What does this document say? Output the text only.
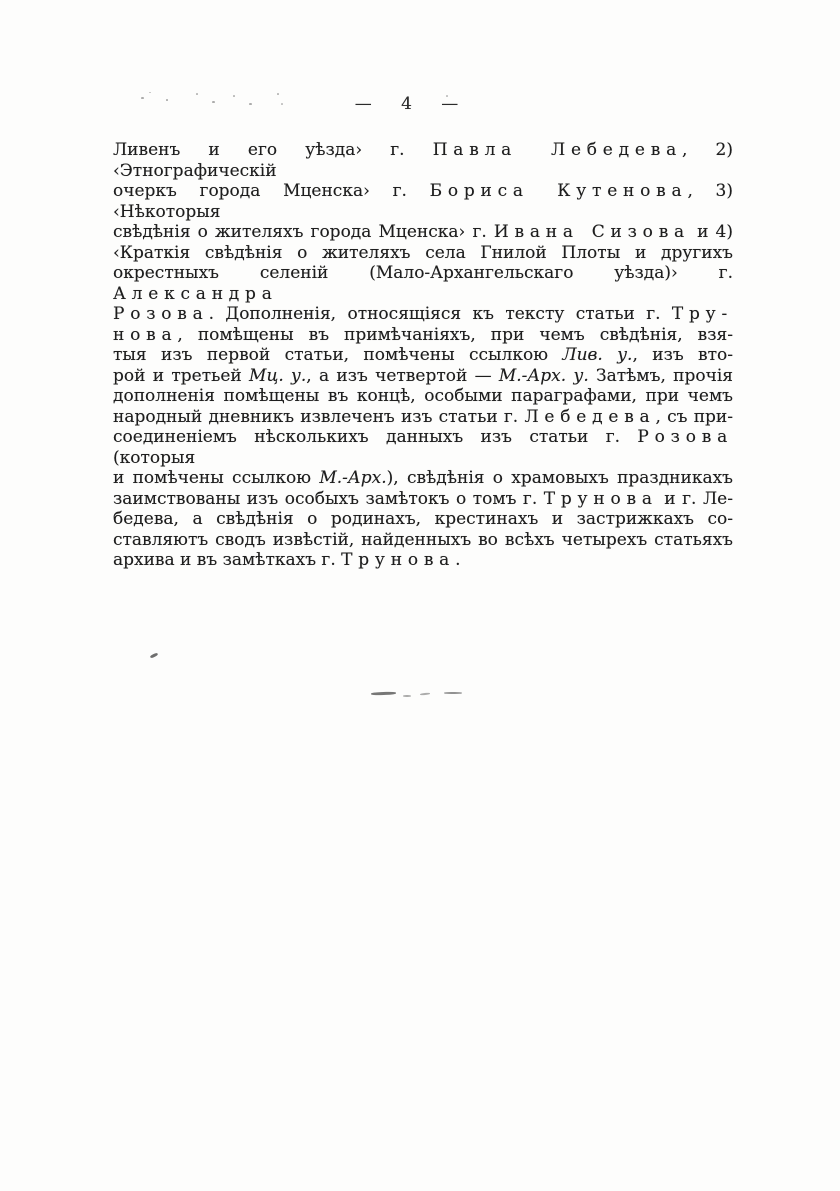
— 4 —
Ливенъ и его уѣзда› г. Павла Лебедева, 2) ‹Этнографическій
очеркъ города Мценска› г. Бориса Кутенова, 3) ‹Нѣкоторыя
свѣдѣнія о жителяхъ города Мценска› г. Ивана Сизова и 4)
‹Краткія свѣдѣнія о жителяхъ села Гнилой Плоты и другихъ
окрестныхъ селеній (Мало-Архангельскаго уѣзда)› г. Александра
Розова. Дополненія, относящіяся къ тексту статьи г. Тру-
нова, помѣщены въ примѣчаніяхъ, при чемъ свѣдѣнія, взя-
тыя изъ первой статьи, помѣчены ссылкою Лив. у., изъ вто-
рой и третьей Мц. у., а изъ четвертой — М.-Арх. у. Затѣмъ, прочія
дополненія помѣщены въ концѣ, особыми параграфами, при чемъ
народный дневникъ извлеченъ изъ статьи г. Лебедева, съ при-
соединеніемъ нѣсколькихъ данныхъ изъ статьи г. Розова (которыя
и помѣчены ссылкою М.-Арх.), свѣдѣнія о храмовыхъ праздникахъ
заимствованы изъ особыхъ замѣтокъ о томъ г. Трунова и г. Ле-
бедева, а свѣдѣнія о родинахъ, крестинахъ и застрижкахъ со-
ставляютъ сводъ извѣстій, найденныхъ во всѣхъ четырехъ статьяхъ
архива и въ замѣткахъ г. Трунова.
